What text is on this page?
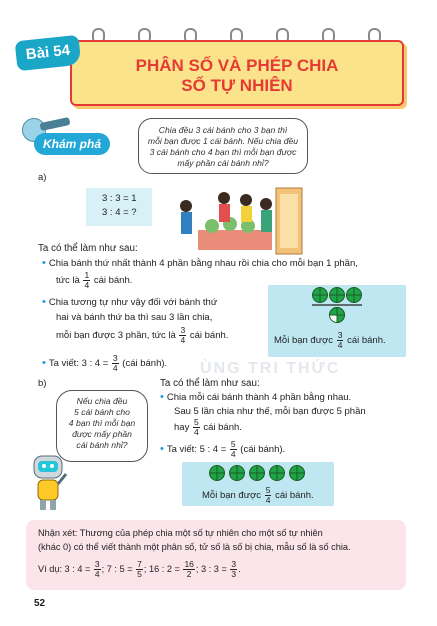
PHÂN SỐ VÀ PHÉP CHIA
SỐ TỰ NHIÊN
Bài 54
Khám phá
Chia đều 3 cái bánh cho 3 bạn thì
mỗi bạn được 1 cái bánh. Nếu chia đều
3 cái bánh cho 4 bạn thì mỗi bạn được
mấy phần cái bánh nhỉ?
a)
3 : 3 = 1
3 : 4 = ?
Ta có thể làm như sau:
• Chia bánh thứ nhất thành 4 phần bằng nhau rồi chia cho mỗi bạn 1 phần,
tức là $\frac{1}{4}$ cái bánh.
• Chia tương tự như vậy đối với bánh thứ
hai và bánh thứ ba thì sau 3 lần chia,
mỗi bạn được 3 phần, tức là $\frac{3}{4}$ cái bánh.
• Ta viết: 3 : $4 = \frac{3}{4}$ (cái bánh).
Mỗi bạn được $\frac{3}{4}$ cái bánh.
ÙNG TRI THỨC
b)
Nếu chia đều
5 cái bánh cho
4 bạn thì mỗi bạn
được mấy phần
cái bánh nhỉ?
Ta có thể làm như sau:
• Chia mỗi cái bánh thành 4 phần bằng nhau.
Sau 5 lần chia như thế, mỗi bạn được 5 phần
hay $\frac{5}{4}$ cái bánh.
• Ta viết: 5 : $4 = \frac{5}{4}$ (cái bánh).
Mỗi bạn được $\frac{5}{4}$ cái bánh.
Nhận xét: Thương của phép chia một số tự nhiên cho một số tự nhiên
(khác 0) có thể viết thành một phân số, tử số là số bị chia, mẫu số là số chia.
Ví dụ: 3 : $4 = \frac{3}{4}$ ; 7 : $5 = \frac{7}{5}$ ; 16 : $2 = \frac{16}{2}$ ; 3 : $3 = \frac{3}{3}$ .
52
